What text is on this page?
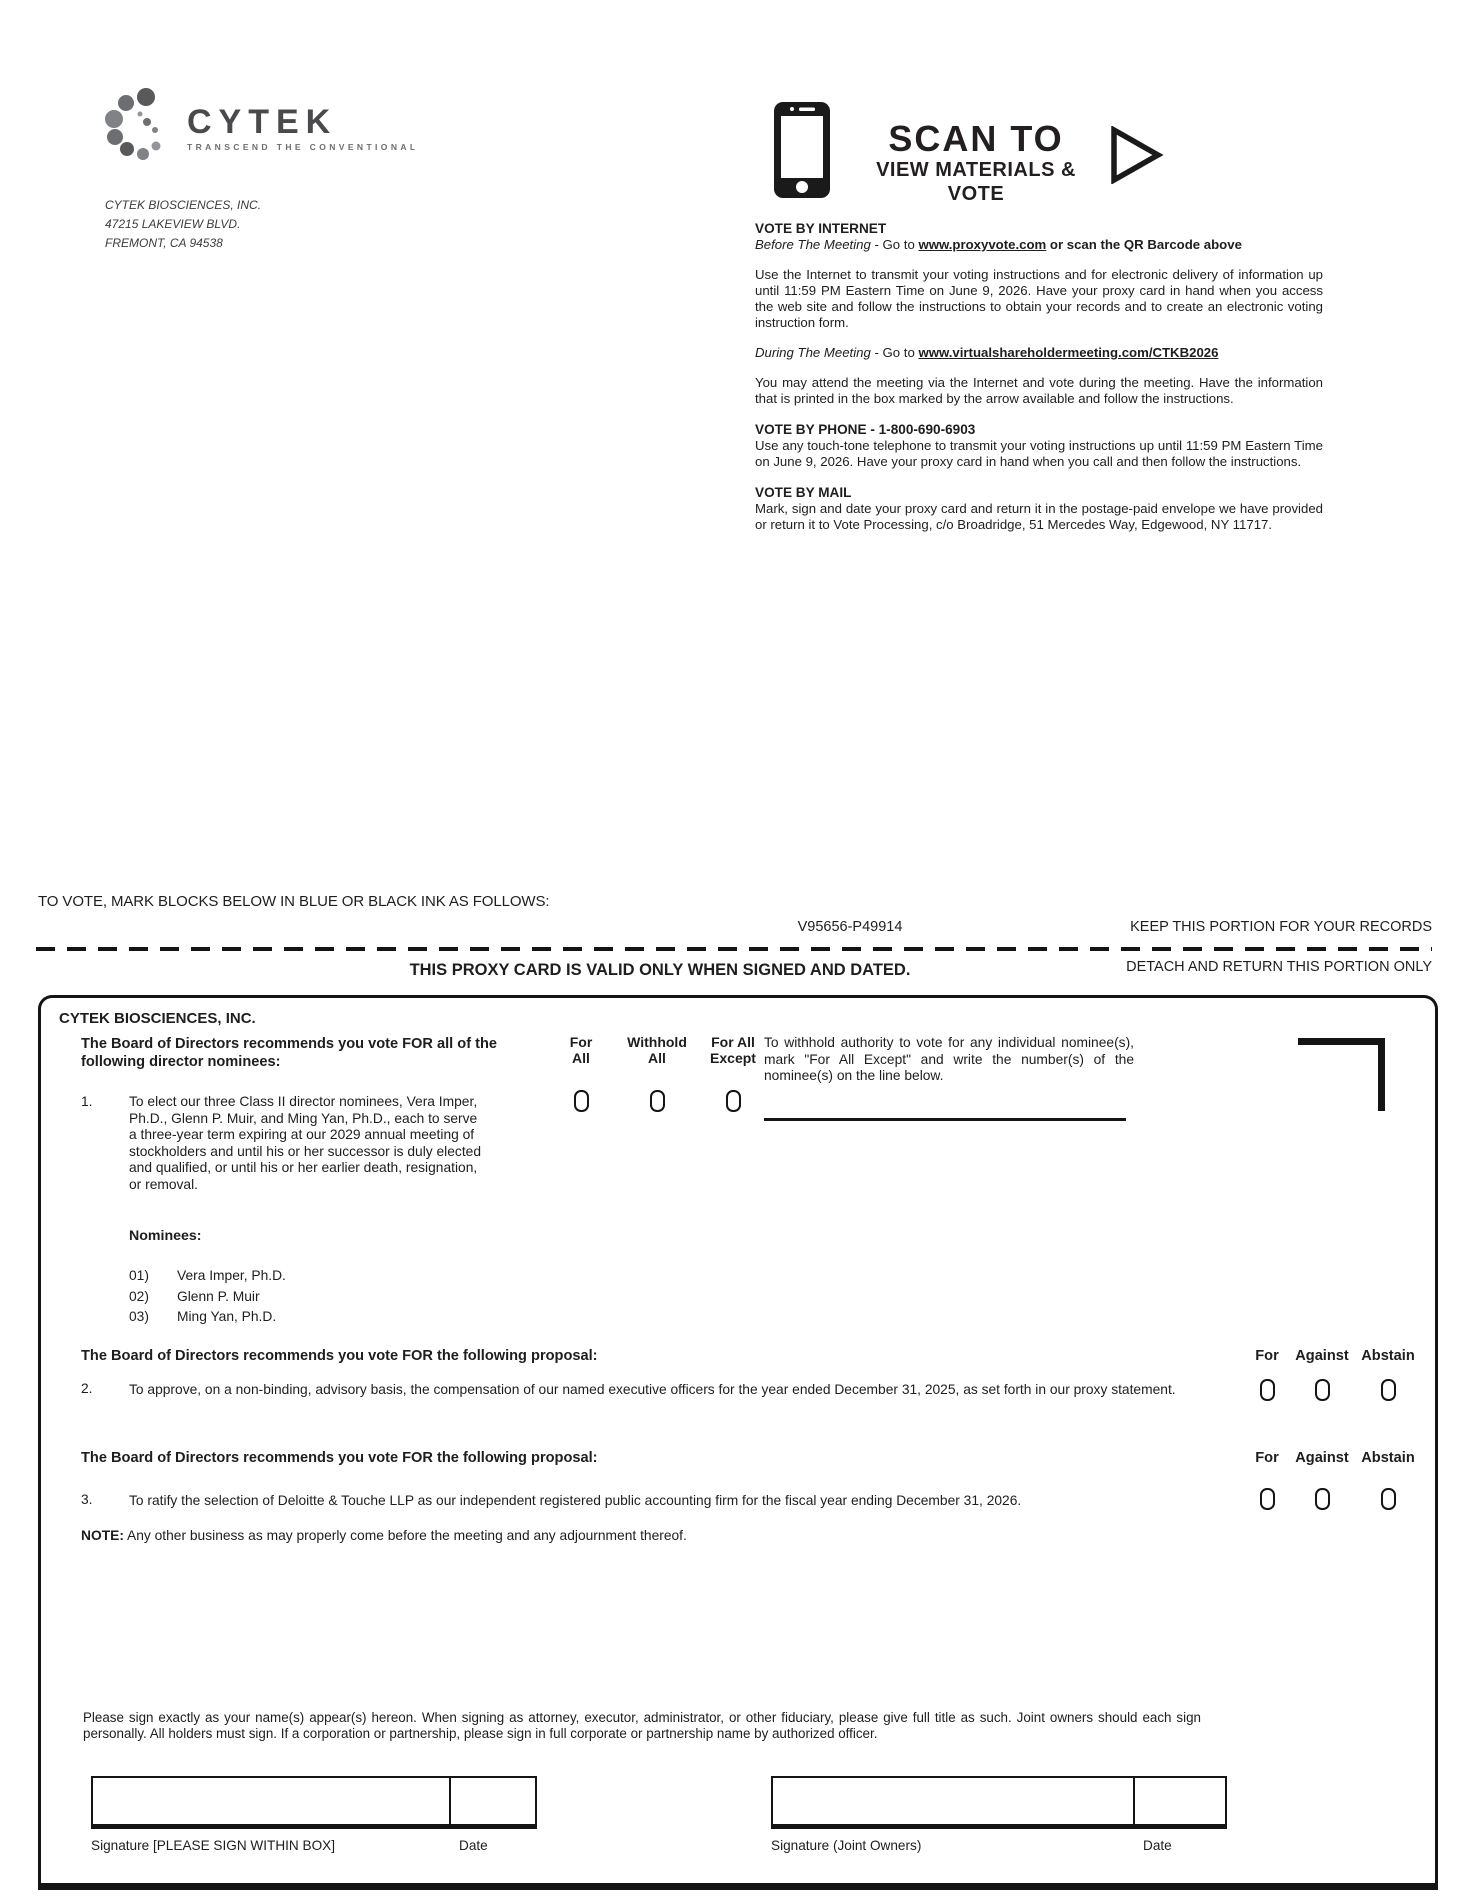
CYTEK
TRANSCEND THE CONVENTIONAL
CYTEK BIOSCIENCES, INC.
47215 LAKEVIEW BLVD.
FREMONT, CA 94538
SCAN TO
VIEW MATERIALS & VOTE
VOTE BY INTERNET
Before The Meeting - Go to www.proxyvote.com or scan the QR Barcode above

Use the Internet to transmit your voting instructions and for electronic delivery of information up until 11:59 PM Eastern Time on June 9, 2026. Have your proxy card in hand when you access the web site and follow the instructions to obtain your records and to create an electronic voting instruction form.

During The Meeting - Go to www.virtualshareholdermeeting.com/CTKB2026

You may attend the meeting via the Internet and vote during the meeting. Have the information that is printed in the box marked by the arrow available and follow the instructions.

VOTE BY PHONE - 1-800-690-6903

Use any touch-tone telephone to transmit your voting instructions up until 11:59 PM Eastern Time on June 9, 2026. Have your proxy card in hand when you call and then follow the instructions.

VOTE BY MAIL

Mark, sign and date your proxy card and return it in the postage-paid envelope we have provided or return it to Vote Processing, c/o Broadridge, 51 Mercedes Way, Edgewood, NY 11717.

TO VOTE, MARK BLOCKS BELOW IN BLUE OR BLACK INK AS FOLLOWS:
V95656-P49914	KEEP THIS PORTION FOR YOUR RECORDS
DETACH AND RETURN THIS PORTION ONLY
THIS PROXY CARD IS VALID ONLY WHEN SIGNED AND DATED.
CYTEK BIOSCIENCES, INC.
The Board of Directors recommends you vote FOR all of the following director nominees:
For
All
Withhold
All
For All
Except
To withhold authority to vote for any individual nominee(s), mark "For All Except" and write the number(s) of the nominee(s) on the line below.
1.	To elect our three Class II director nominees, Vera Imper, Ph.D., Glenn P. Muir, and Ming Yan, Ph.D., each to serve a three-year term expiring at our 2029 annual meeting of stockholders and until his or her successor is duly elected and qualified, or until his or her earlier death, resignation, or removal.
Nominees:
01)	Vera Imper, Ph.D.
02)	Glenn P. Muir
03)	Ming Yan, Ph.D.
The Board of Directors recommends you vote FOR the following proposal:	For	Against Abstain
2.	To approve, on a non-binding, advisory basis, the compensation of our named executive officers for the year ended December 31, 2025, as set forth in our proxy statement.
The Board of Directors recommends you vote FOR the following proposal:	For	Against Abstain
3.	To ratify the selection of Deloitte & Touche LLP as our independent registered public accounting firm for the fiscal year ending December 31, 2026.
NOTE: Any other business as may properly come before the meeting and any adjournment thereof.
Please sign exactly as your name(s) appear(s) hereon. When signing as attorney, executor, administrator, or other fiduciary, please give full title as such. Joint owners should each sign personally. All holders must sign. If a corporation or partnership, please sign in full corporate or partnership name by authorized officer.
Signature [PLEASE SIGN WITHIN BOX]	Date	Signature (Joint Owners)	Date
